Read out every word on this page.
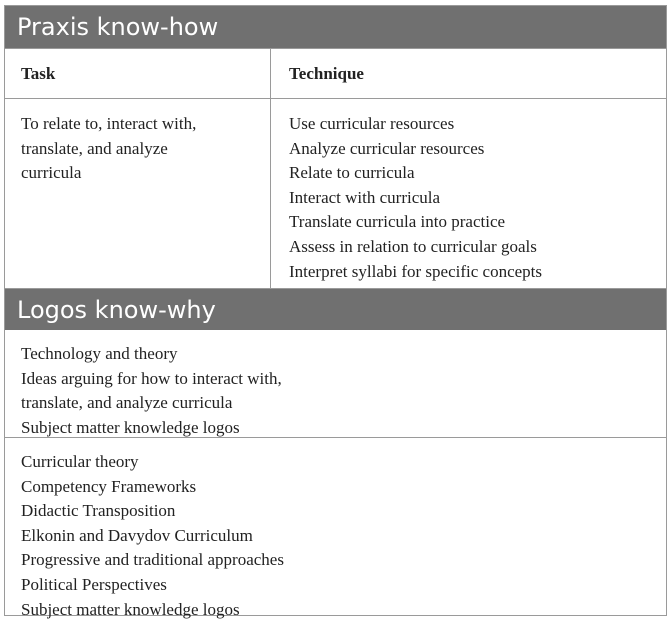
Praxis know-how
Task	Technique
To relate to, interact with,
translate, and analyze
curricula
Use curricular resources
Analyze curricular resources
Relate to curricula
Interact with curricula
Translate curricula into practice
Assess in relation to curricular goals
Interpret syllabi for specific concepts
Logos know-why
Technology and theory
Ideas arguing for how to interact with,
translate, and analyze curricula
Subject matter knowledge logos
Curricular theory
Competency Frameworks
Didactic Transposition
Elkonin and Davydov Curriculum
Progressive and traditional approaches
Political Perspectives
Subject matter knowledge logos
